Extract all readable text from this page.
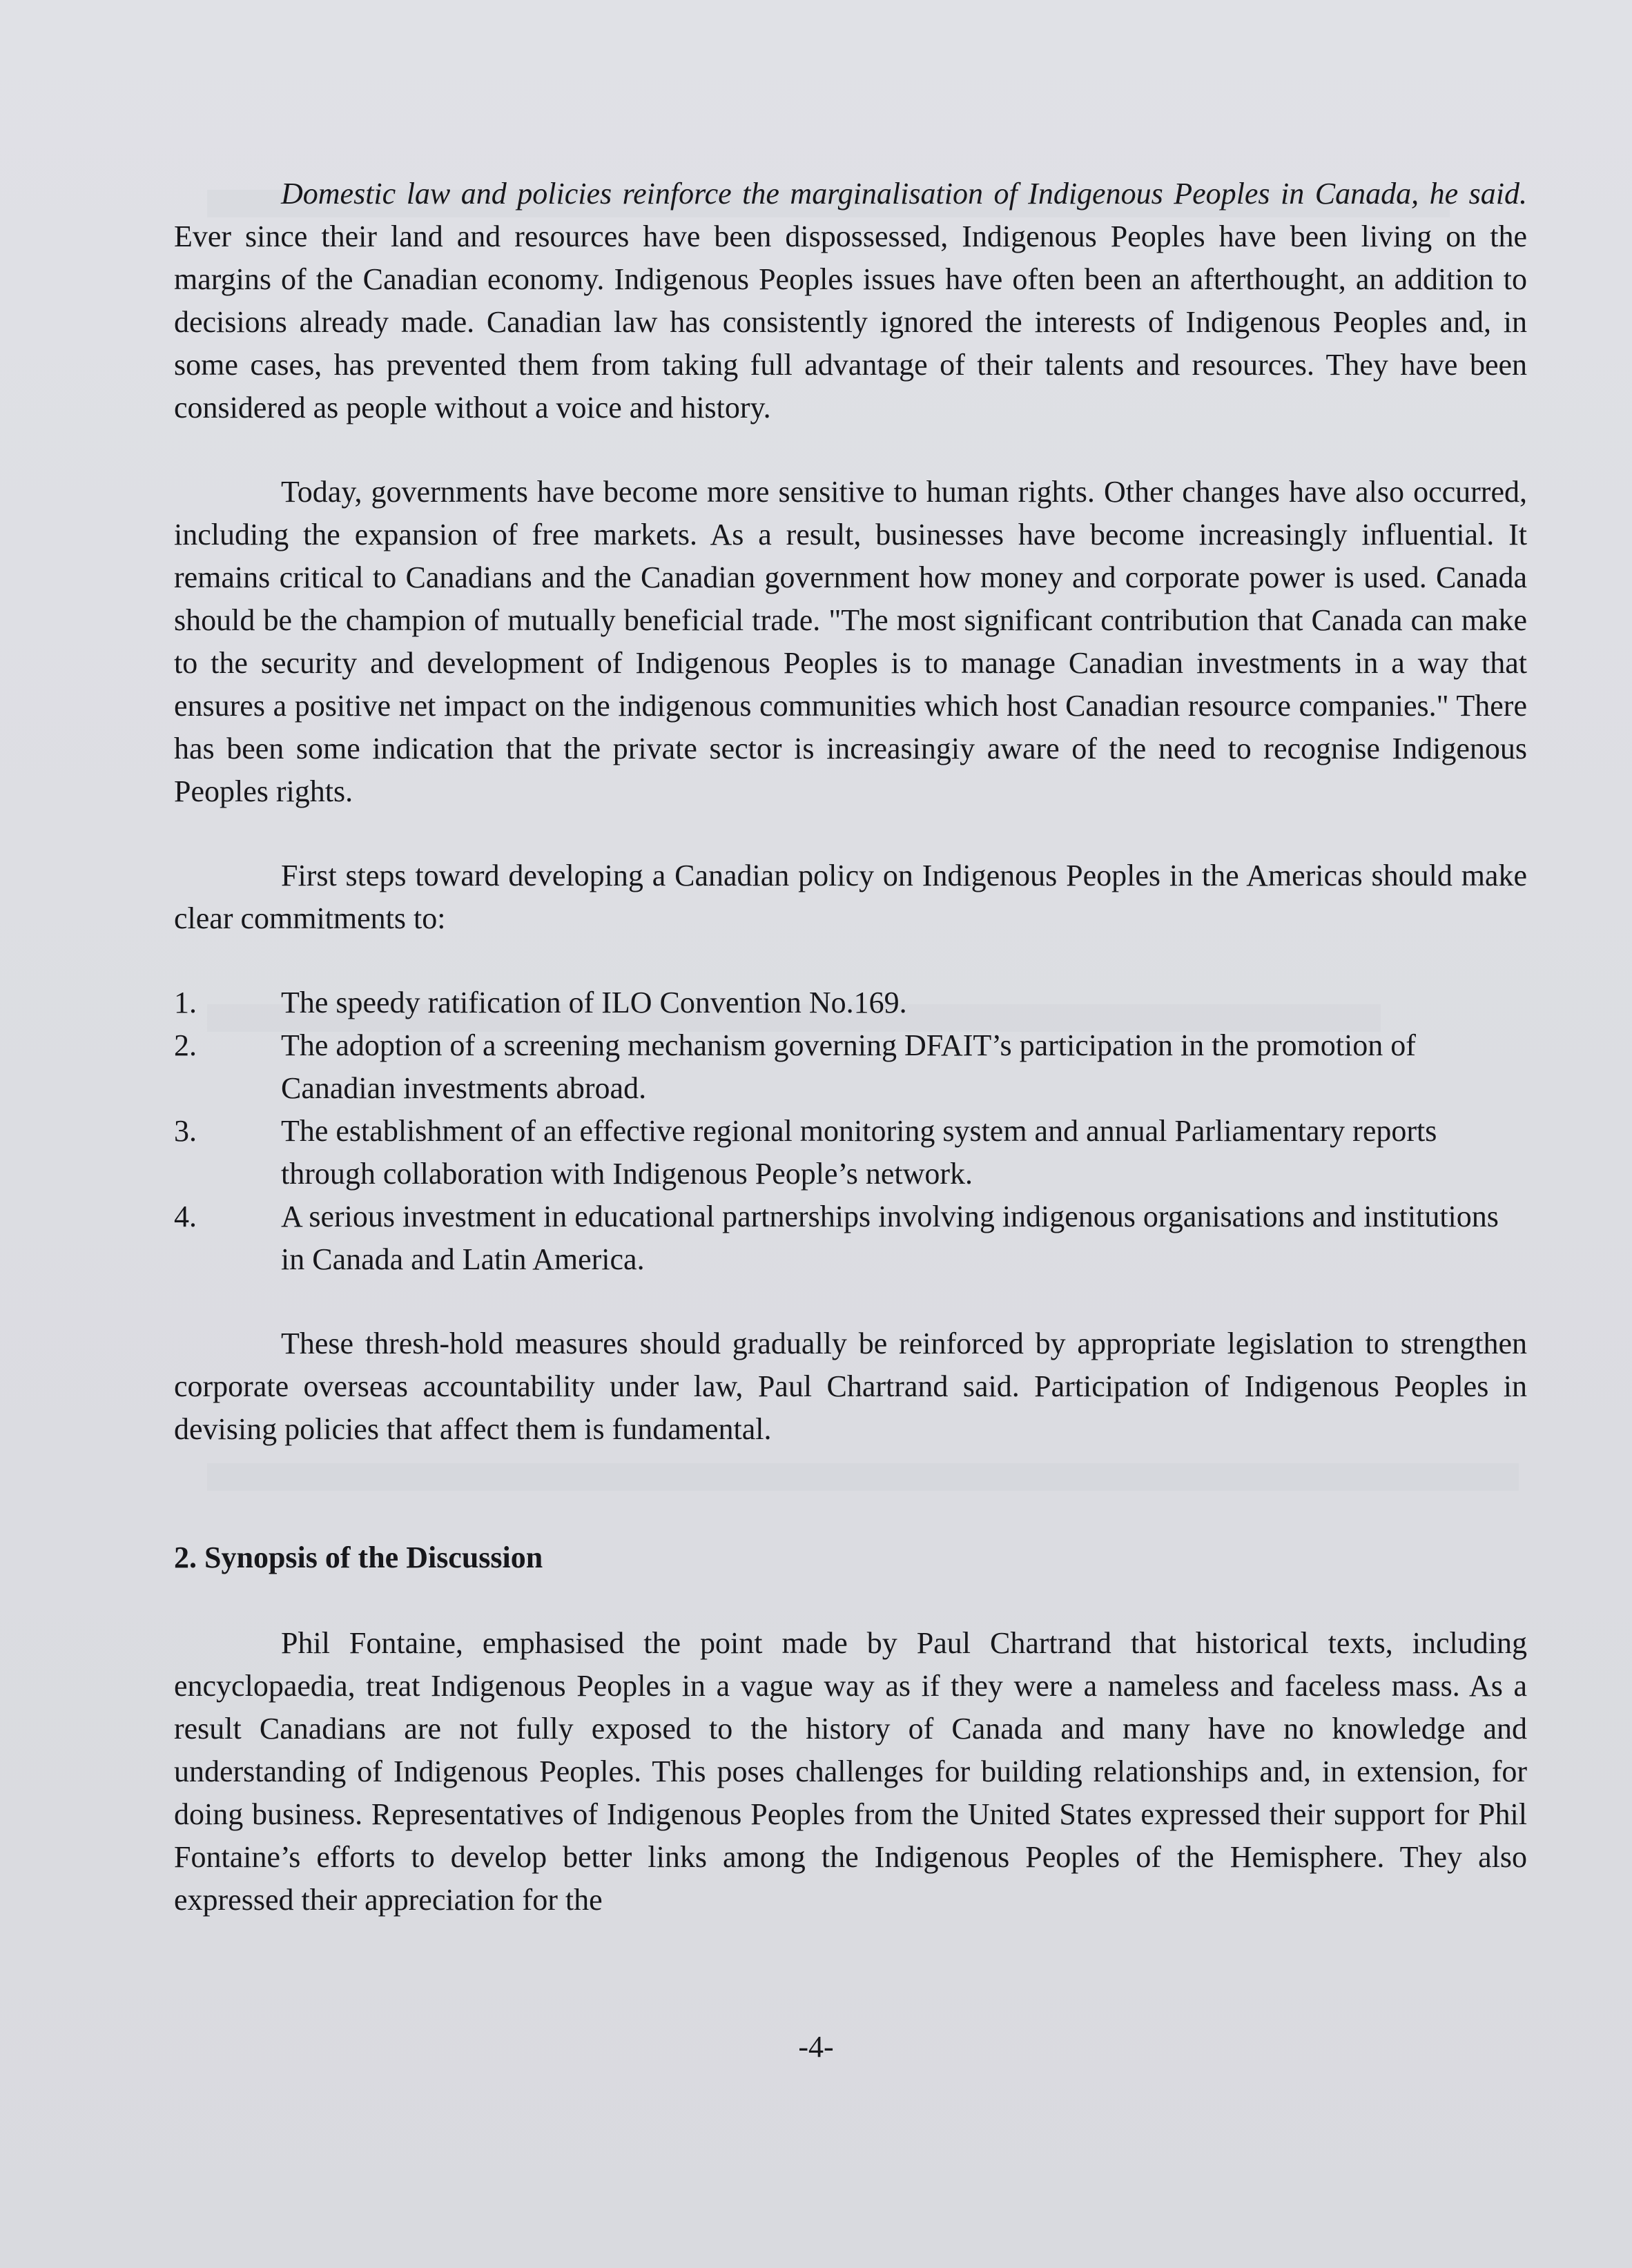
Domestic law and policies reinforce the marginalisation of Indigenous Peoples in Canada, he said. Ever since their land and resources have been dispossessed, Indigenous Peoples have been living on the margins of the Canadian economy. Indigenous Peoples issues have often been an afterthought, an addition to decisions already made. Canadian law has consistently ignored the interests of Indigenous Peoples and, in some cases, has prevented them from taking full advantage of their talents and resources. They have been considered as people without a voice and history.

Today, governments have become more sensitive to human rights. Other changes have also occurred, including the expansion of free markets. As a result, businesses have become increasingly influential. It remains critical to Canadians and the Canadian government how money and corporate power is used. Canada should be the champion of mutually beneficial trade. "The most significant contribution that Canada can make to the security and development of Indigenous Peoples is to manage Canadian investments in a way that ensures a positive net impact on the indigenous communities which host Canadian resource companies." There has been some indication that the private sector is increasingiy aware of the need to recognise Indigenous Peoples rights.

First steps toward developing a Canadian policy on Indigenous Peoples in the Americas should make clear commitments to:

1.	The speedy ratification of ILO Convention No.169.
2.	The adoption of a screening mechanism governing DFAIT’s participation in the promotion of Canadian investments abroad.
3.	The establishment of an effective regional monitoring system and annual Parliamentary reports through collaboration with Indigenous People’s network.
4.	A serious investment in educational partnerships involving indigenous organisations and institutions in Canada and Latin America.

These thresh-hold measures should gradually be reinforced by appropriate legislation to strengthen corporate overseas accountability under law, Paul Chartrand said. Participation of Indigenous Peoples in devising policies that affect them is fundamental.

2. Synopsis of the Discussion

Phil Fontaine, emphasised the point made by Paul Chartrand that historical texts, including encyclopaedia, treat Indigenous Peoples in a vague way as if they were a nameless and faceless mass. As a result Canadians are not fully exposed to the history of Canada and many have no knowledge and understanding of Indigenous Peoples. This poses challenges for building relationships and, in extension, for doing business. Representatives of Indigenous Peoples from the United States expressed their support for Phil Fontaine’s efforts to develop better links among the Indigenous Peoples of the Hemisphere. They also expressed their appreciation for the

-4-
